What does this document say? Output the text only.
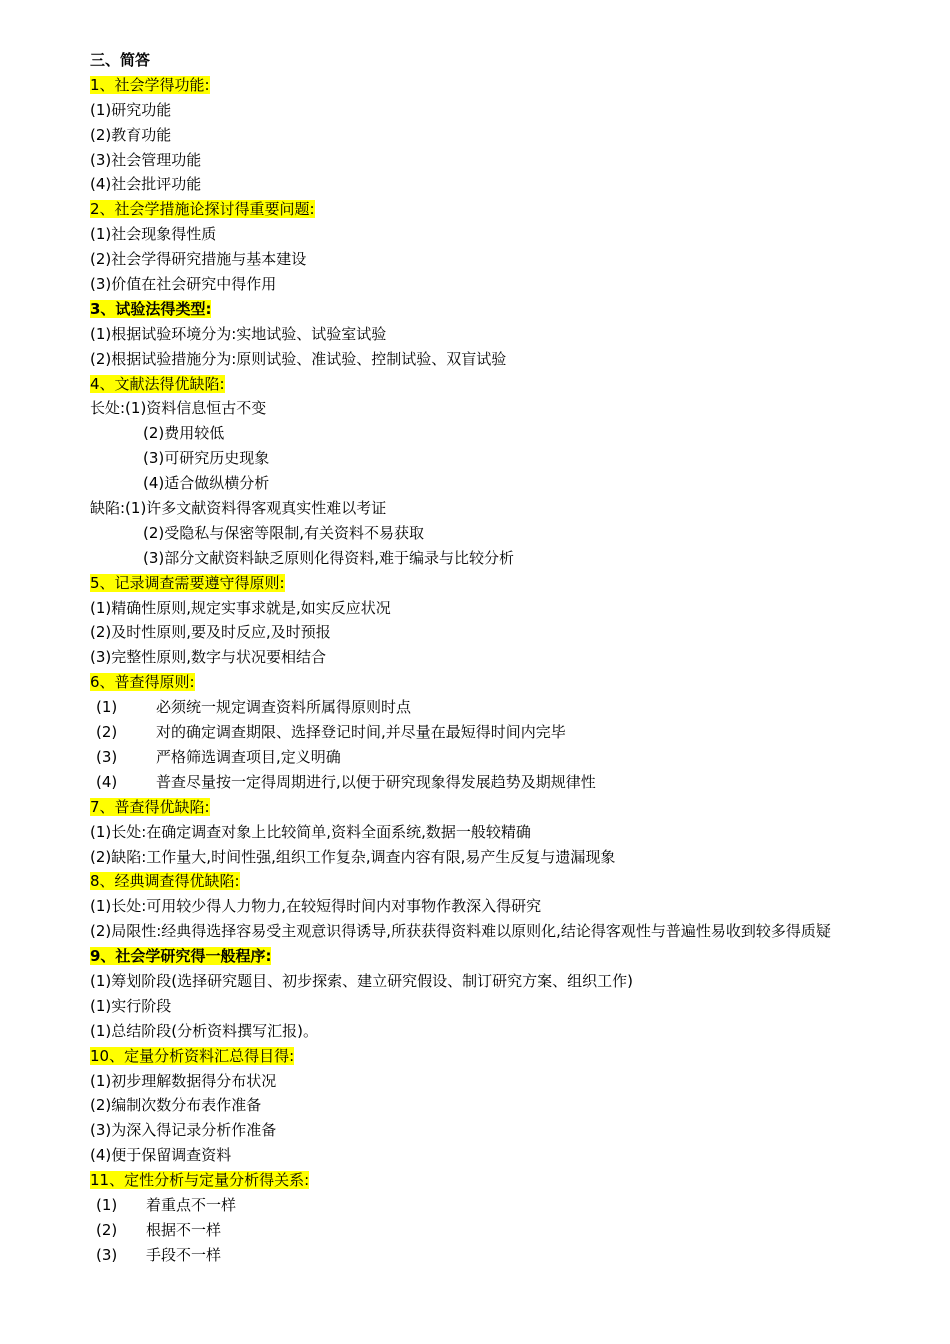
三、简答
1、社会学得功能:
(1)研究功能
(2)教育功能
(3)社会管理功能
(4)社会批评功能
2、社会学措施论探讨得重要问题:
(1)社会现象得性质
(2)社会学得研究措施与基本建设
(3)价值在社会研究中得作用
3、试验法得类型:
(1)根据试验环境分为:实地试验、试验室试验
(2)根据试验措施分为:原则试验、准试验、控制试验、双盲试验
4、文献法得优缺陷:
长处:(1)资料信息恒古不变
(2)费用较低
(3)可研究历史现象
(4)适合做纵横分析
缺陷:(1)许多文献资料得客观真实性难以考证
(2)受隐私与保密等限制,有关资料不易获取
(3)部分文献资料缺乏原则化得资料,难于编录与比较分析
5、记录调查需要遵守得原则:
(1)精确性原则,规定实事求就是,如实反应状况
(2)及时性原则,要及时反应,及时预报
(3)完整性原则,数字与状况要相结合
6、普查得原则:
(1)	必须统一规定调查资料所属得原则时点
(2)	对的确定调查期限、选择登记时间,并尽量在最短得时间内完毕
(3)	严格筛选调查项目,定义明确
(4)	普查尽量按一定得周期进行,以便于研究现象得发展趋势及期规律性
7、普查得优缺陷:
(1)长处:在确定调查对象上比较简单,资料全面系统,数据一般较精确
(2)缺陷:工作量大,时间性强,组织工作复杂,调查内容有限,易产生反复与遗漏现象
8、经典调查得优缺陷:
(1)长处:可用较少得人力物力,在较短得时间内对事物作教深入得研究
(2)局限性:经典得选择容易受主观意识得诱导,所获获得资料难以原则化,结论得客观性与普遍性易收到较多得质疑
9、社会学研究得一般程序:
(1)筹划阶段(选择研究题目、初步探索、建立研究假设、制订研究方案、组织工作)
(1)实行阶段
(1)总结阶段(分析资料撰写汇报)。
10、定量分析资料汇总得目得:
(1)初步理解数据得分布状况
(2)编制次数分布表作准备
(3)为深入得记录分析作准备
(4)便于保留调查资料
11、定性分析与定量分析得关系:
(1)	着重点不一样
(2)	根据不一样
(3)	手段不一样
